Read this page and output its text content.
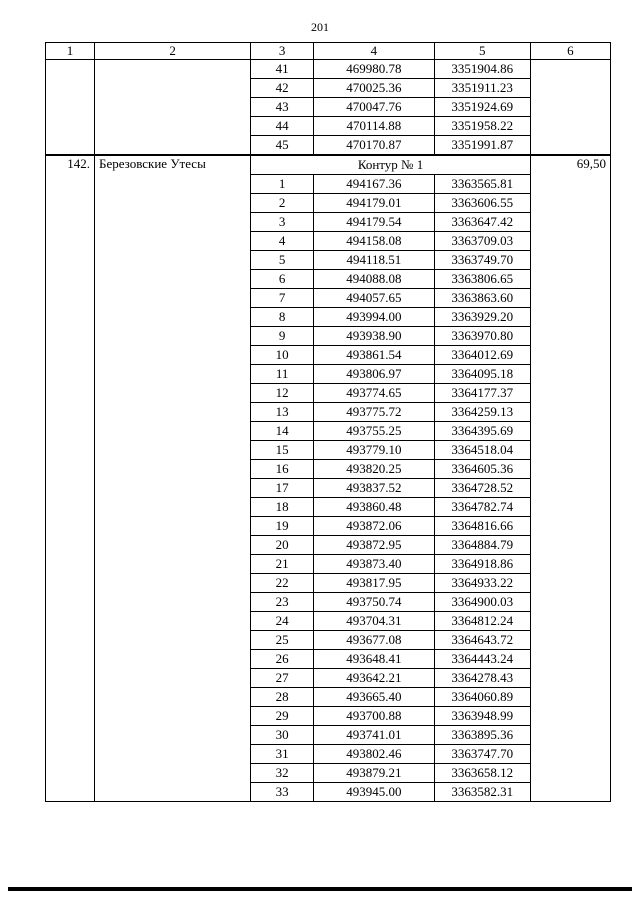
201
1	2	3	4	5	6
		41	469980.78	3351904.86	
		42	470025.36	3351911.23	
		43	470047.76	3351924.69	
		44	470114.88	3351958.22	
		45	470170.87	3351991.87	
142.	Березовские Утесы	Контур № 1			69,50
		1	494167.36	3363565.81	
		2	494179.01	3363606.55	
		3	494179.54	3363647.42	
		4	494158.08	3363709.03	
		5	494118.51	3363749.70	
		6	494088.08	3363806.65	
		7	494057.65	3363863.60	
		8	493994.00	3363929.20	
		9	493938.90	3363970.80	
		10	493861.54	3364012.69	
		11	493806.97	3364095.18	
		12	493774.65	3364177.37	
		13	493775.72	3364259.13	
		14	493755.25	3364395.69	
		15	493779.10	3364518.04	
		16	493820.25	3364605.36	
		17	493837.52	3364728.52	
		18	493860.48	3364782.74	
		19	493872.06	3364816.66	
		20	493872.95	3364884.79	
		21	493873.40	3364918.86	
		22	493817.95	3364933.22	
		23	493750.74	3364900.03	
		24	493704.31	3364812.24	
		25	493677.08	3364643.72	
		26	493648.41	3364443.24	
		27	493642.21	3364278.43	
		28	493665.40	3364060.89	
		29	493700.88	3363948.99	
		30	493741.01	3363895.36	
		31	493802.46	3363747.70	
		32	493879.21	3363658.12	
		33	493945.00	3363582.31	
